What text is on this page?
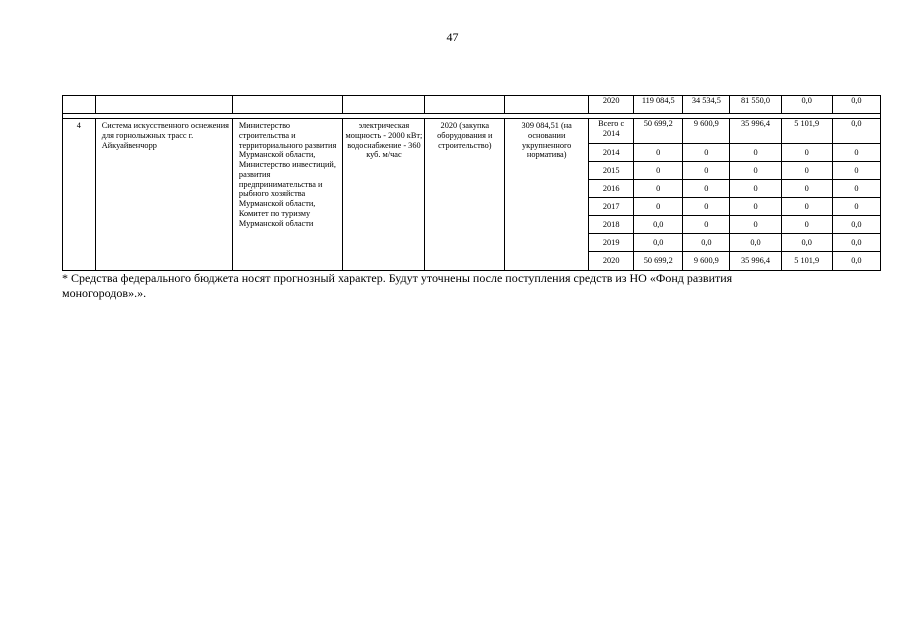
47
						2020	119 084,5	34 534,5	81 550,0	0,0	0,0

4	Система искусственного оснежения для горнолыжных трасс г. Айкуайвенчорр	Министерство строительства и территориального развития Мурманской области, Министерство инвестиций, развития предпринимательства и рыбного хозяйства Мурманской области, Комитет по туризму Мурманской области	электрическая мощность - 2000 кВт; водоснабжение - 360 куб. м/час	2020 (закупка оборудования и строительство)	309 084,51 (на основании укрупненного норматива)	Всего с 2014	50 699,2	9 600,9	35 996,4	5 101,9	0,0
						2014	0	0	0	0	0
						2015	0	0	0	0	0
						2016	0	0	0	0	0
						2017	0	0	0	0	0
						2018	0,0	0	0	0	0,0
						2019	0,0	0,0	0,0	0,0	0,0
						2020	50 699,2	9 600,9	35 996,4	5 101,9	0,0
* Средства федерального бюджета носят прогнозный характер. Будут уточнены после поступления средств из НО «Фонд развития
моногородов».».
